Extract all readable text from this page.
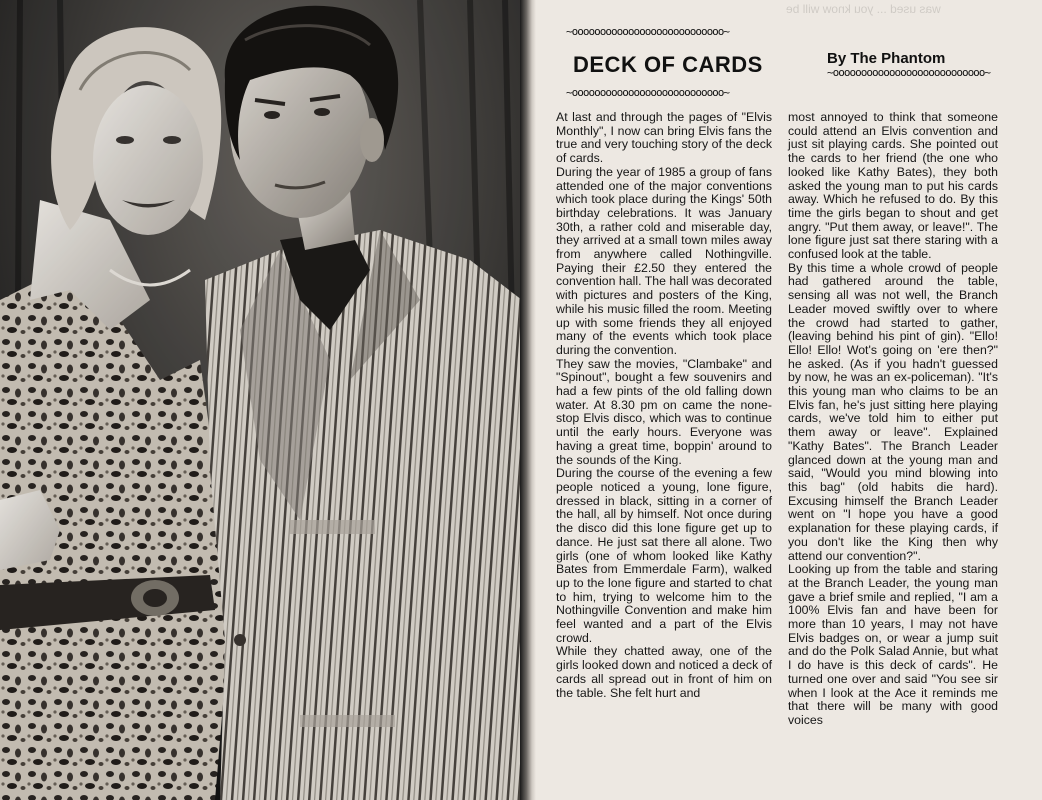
was used ... you know will be
~ooooooooooooooooooooooooooo~
DECK OF CARDS
~ooooooooooooooooooooooooooo~
By The Phantom
~ooooooooooooooooooooooooooo~

At last and through the pages of "Elvis Monthly", I now can bring Elvis fans the true and very touching story of the deck of cards.

During the year of 1985 a group of fans attended one of the major conventions which took place during the Kings' 50th birthday celebrations. It was January 30th, a rather cold and miserable day, they arrived at a small town miles away from anywhere called Nothingville. Paying their £2.50 they entered the convention hall. The hall was decorated with pictures and posters of the King, while his music filled the room. Meeting up with some friends they all enjoyed many of the events which took place during the convention.

They saw the movies, "Clambake" and "Spinout", bought a few souvenirs and had a few pints of the old falling down water. At 8.30 pm on came the none-stop Elvis disco, which was to continue until the early hours. Everyone was having a great time, boppin' around to the sounds of the King.

During the course of the evening a few people noticed a young, lone figure, dressed in black, sitting in a corner of the hall, all by himself. Not once during the disco did this lone figure get up to dance. He just sat there all alone. Two girls (one of whom looked like Kathy Bates from Emmerdale Farm), walked up to the lone figure and started to chat to him, trying to welcome him to the Nothingville Convention and make him feel wanted and a part of the Elvis crowd.

While they chatted away, one of the girls looked down and noticed a deck of cards all spread out in front of him on the table. She felt hurt and

most annoyed to think that someone could attend an Elvis convention and just sit playing cards. She pointed out the cards to her friend (the one who looked like Kathy Bates), they both asked the young man to put his cards away. Which he refused to do. By this time the girls began to shout and get angry. "Put them away, or leave!". The lone figure just sat there staring with a confused look at the table.

By this time a whole crowd of people had gathered around the table, sensing all was not well, the Branch Leader moved swiftly over to where the crowd had started to gather, (leaving behind his pint of gin). "Ello! Ello! Ello! Wot's going on 'ere then?" he asked. (As if you hadn't guessed by now, he was an ex-policeman). "It's this young man who claims to be an Elvis fan, he's just sitting here playing cards, we've told him to either put them away or leave". Explained "Kathy Bates". The Branch Leader glanced down at the young man and said, "Would you mind blowing into this bag" (old habits die hard). Excusing himself the Branch Leader went on "I hope you have a good explanation for these playing cards, if you don't like the King then why attend our convention?".

Looking up from the table and staring at the Branch Leader, the young man gave a brief smile and replied, "I am a 100% Elvis fan and have been for more than 10 years, I may not have Elvis badges on, or wear a jump suit and do the Polk Salad Annie, but what I do have is this deck of cards". He turned one over and said "You see sir when I look at the Ace it reminds me that there will be many with good voices
